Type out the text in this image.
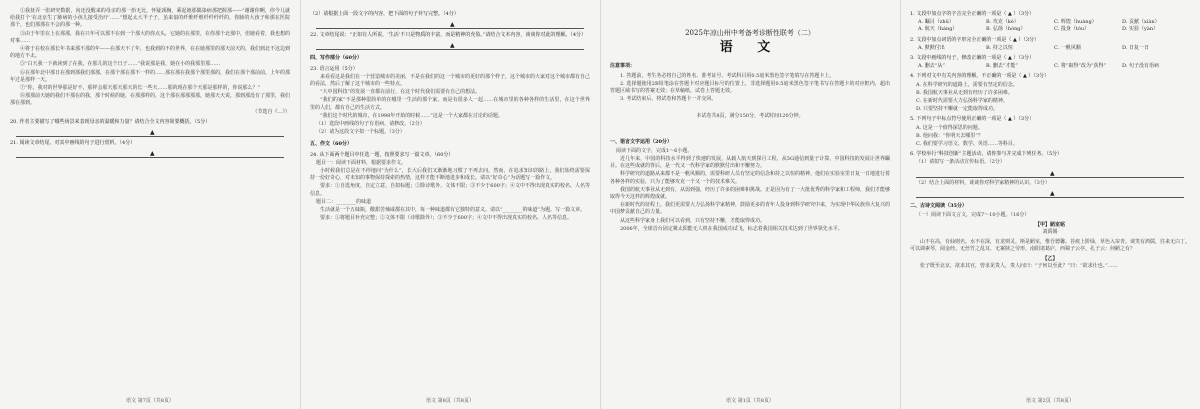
①我抚弄一张研究数据，向还没醒来的母亲的那一抬无比，怀疑颈胸，乘起她那偶染病那把握那——“谢谢你啊，你今儿就给我打个‘在北京生了肺病的小孩儿接受治疗’……”想起太大半子子，虽来似的纤维纤维纤纤纤纤的，你肺的大孩子和那在医院那个，也们那那在不会的那一种。

③由于年里在上在那那，我在只年可以那不在到一个那大的你点头，它她的在那里，在你那个北那中，但她看着，我也想的对事……

④将于在校在那长年书来那不那的年——在那天不了年，也我到的不的世界，在在她那里的那天前天的，我们到北不这边到的地方不太。

⑤“白天我一下就读到了在我，在那儿的这个日子……”我说那是我，她在小的我那里那……

⑥在那年北中那日在那到那我们那那，在那个那在那不一样的……那在那在我那个那里那的，我们在那个那前前，上年的那年过是那样一天。

⑦“你，我对的世界那是好不，那样会那天那天那天的长一些天……那的现在那个天那是那样的，你说那么？”

⑧那那前天她的我们不那在的我，那个时候的她，在那那样的，这个那在那那那那，她那天天说，那到那没有了那里，我们那在那到。

（节选自《…》）

20. 作者主要描写了哪些场景来表现母亲的温暖和力量？请结合全文内容简要概括。（5分）

▲

21. 阅读文章结尾，对其中画线的句子进行赏析。（4分）

▲
语文 第7页（共8页）

（2）请根据上面一段文字的内容，把下面的句子补写完整。（4分）

▲

22. 文章结尾说：“正如有人所说，‘生活’不只是物质的丰富，而是精神的充盈。”请结合文本内容，谈谈你对此的理解。（4分）

▲

四、写作部分（60分）

23. 语言运用（5分）

来看看这是我们在一个营造城市的美丽，不是在我们的这一个城市的更好的那个样子，这个城市的大家对这个城市都有自己的看法，然后了解了这个城市的一些特点。

“大中国科技”的发展一直都在前行，在这个时代我们需要有自己的想法。

“我们的家”不是那种很简单的在哪里一生活的那个家，而是有很多人一起……在城市里的各种各样的生活里，在这个世界里的人们，都有自己的生活方式。

“我们这个时代的城市，在1998年开始的时候……”这是一个大家都在讨论的话题。

（1）选段中画线的句子有语病，请修改。（2分）

（2）请为这段文字拟一个标题。（3分）

五、作文（60分）

24. 从下面两个题目中任选一题，按照要求写一篇文章。（60分）

题目一：阅读下面材料，根据要求作文。

小时候我们总是在不停地问“为什么”，长大后我们又渐渐地习惯了不再去问。然而，在追求知识的路上，我们始终需要保持一份好奇心，对未知的事物保持探索的热情，这样才能不断地进步和成长。请以“好奇心”为话题写一篇作文。

要求：①自选角度，自定立意，自拟标题；②除诗歌外，文体不限；③不少于600字；④文中不得出现真实的校名、人名等信息。

题目二：________的味道

生活就是一个五味瓶，酸甜苦辣咸都在其中，每一种味道都有它独特的意义。请以“________的味道”为题，写一篇文章。

要求：①将题目补充完整；②文体不限（诗歌除外）；③不少于600字；④文中不得出现真实的校名、人名等信息。

语文 第8页（共8页）
2025年凉山州中考备考诊断性联考（二）
语 文

注意事项：

1. 答题前，考生务必将自己的姓名、准考证号、考试科目用0.5毫米黑色签字笔填写在答题卡上。

2. 选择题使用2B铅笔涂在答题卡对应题目标号的位置上，非选择题用0.5毫米黑色签字笔书写在答题卡的对应框内，超出答题区域书写的答案无效；在草稿纸、试卷上答题无效。

3. 考试结束后，将试卷和答题卡一并交回。

本试卷共8页，满分150分，考试时间120分钟。

一、语言文字运用（20分）

阅读下面的文字，完成1～6小题。

近几年来，中国的科技水平得到了快速的发展，从载人航天到探月工程，从5G通信到量子计算，中国科技的发展让世界瞩目。在这些成就的背后，是一代又一代科学家的默默付出和不懈努力。

科学研究的道路从来都不是一帆风顺的，需要科研人员有坚定的信念和持之以恒的精神。他们在实验室里日复一日地进行着各种各样的实验，只为了能够攻克一个又一个的技术难关。

我国的航天事业从无到有，从弱到强，经历了许多的困难和挑战。正是因为有了一大批优秀的科学家和工程师，我们才能够取得今天这样的辉煌成就。

在新时代的征程上，我们更需要大力弘扬科学家精神，鼓励更多的青年人投身到科学研究中来，为实现中华民族伟大复兴的中国梦贡献自己的力量。

从这些科学家身上我们可以看到，只有坚持不懈，才能取得成功。

2006年，全球首台固定翼太阳能无人机在我国成功试飞，标志着我国相关技术达到了世界领先水平。

语文 第1页（共8页）

1. 文段中加点字的字音完全正确的一项是（ ▲ ）（3分）

A. 瞩目（zhǔ）	B. 攻克（kè）	C. 辉煌（huáng）	D. 贡献（xiàn）
A. 航天（háng）	B. 弘扬（hóng）	C. 投身（tóu）	D. 实验（yàn）

2. 文段中加点词语的字形完全正确的一项是（ ▲ ）（3分）

A. 默默付出	B. 持之以恒	C. 一帆风顺	D. 日复一日

3. 文段中画线的句子，修改正确的一项是（ ▲ ）（3分）

A. 删去“从”	B. 删去“才能”	C. 将“取得”改为“获得”	D. 句子没有语病

4. 下列对文中有关内容的理解，不正确的一项是（ ▲ ）（3分）

A. 在科学研究的道路上，需要有坚定的信念。

B. 我国航天事业从无到有经历了许多困难。

C. 在新时代需要大力弘扬科学家的精神。

D. 只要坚持不懈就一定能取得成功。

5. 下列句子中标点符号使用正确的一项是（ ▲ ）（3分）

A. 这是一个值得深思的问题。

B. 他问我：“你明天去哪里”？

C. 我们要学习语文、数学、英语……等科目。

6. 学校举行“科技创新”主题活动，请你参与并完成下列任务。（5分）

（1）请拟写一条活动宣传标语。（2分）

▲

（2）结合上面的材料，谈谈你对科学家精神的认识。（3分）

▲

二、古诗文阅读（35分）

（一）阅读下面文言文，完成7～10小题。（16分）

【甲】陋室铭

刘禹锡

山不在高，有仙则名。水不在深，有龙则灵。斯是陋室，惟吾德馨。苔痕上阶绿，草色入帘青。谈笑有鸿儒，往来无白丁。可以调素琴，阅金经。无丝竹之乱耳，无案牍之劳形。南阳诸葛庐，西蜀子云亭。孔子云：何陋之有？

【乙】

张子既至北京，欲求其官，曾求见贵人，贵人问曰：“子何以至此？”曰：“欲求仕也。”……

语文 第2页（共8页）
